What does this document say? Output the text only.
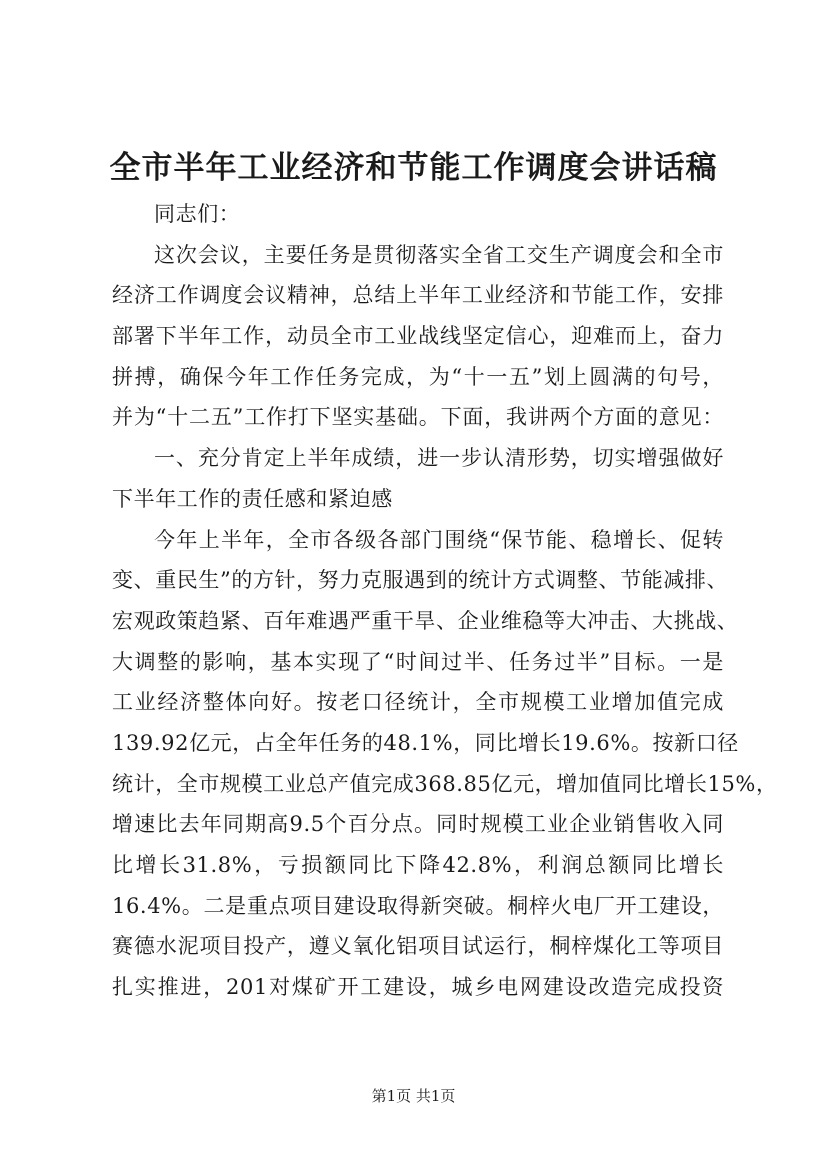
全市半年工业经济和节能工作调度会讲话稿
同志们：
这次会议，主要任务是贯彻落实全省工交生产调度会和全市
经济工作调度会议精神，总结上半年工业经济和节能工作，安排
部署下半年工作，动员全市工业战线坚定信心，迎难而上，奋力
拼搏，确保今年工作任务完成，为“十一五”划上圆满的句号，
并为“十二五”工作打下坚实基础。下面，我讲两个方面的意见：
一、充分肯定上半年成绩，进一步认清形势，切实增强做好
下半年工作的责任感和紧迫感
今年上半年，全市各级各部门围绕“保节能、稳增长、促转
变、重民生”的方针，努力克服遇到的统计方式调整、节能减排、
宏观政策趋紧、百年难遇严重干旱、企业维稳等大冲击、大挑战、
大调整的影响，基本实现了“时间过半、任务过半”目标。一是
工业经济整体向好。按老口径统计，全市规模工业增加值完成
139.92亿元，占全年任务的48.1%，同比增长19.6%。按新口径
统计，全市规模工业总产值完成368.85亿元，增加值同比增长15%，
增速比去年同期高9.5个百分点。同时规模工业企业销售收入同
比增长31.8%，亏损额同比下降42.8%，利润总额同比增长
16.4%。二是重点项目建设取得新突破。桐梓火电厂开工建设，
赛德水泥项目投产，遵义氧化铝项目试运行，桐梓煤化工等项目
扎实推进，201对煤矿开工建设，城乡电网建设改造完成投资
第1页 共1页
